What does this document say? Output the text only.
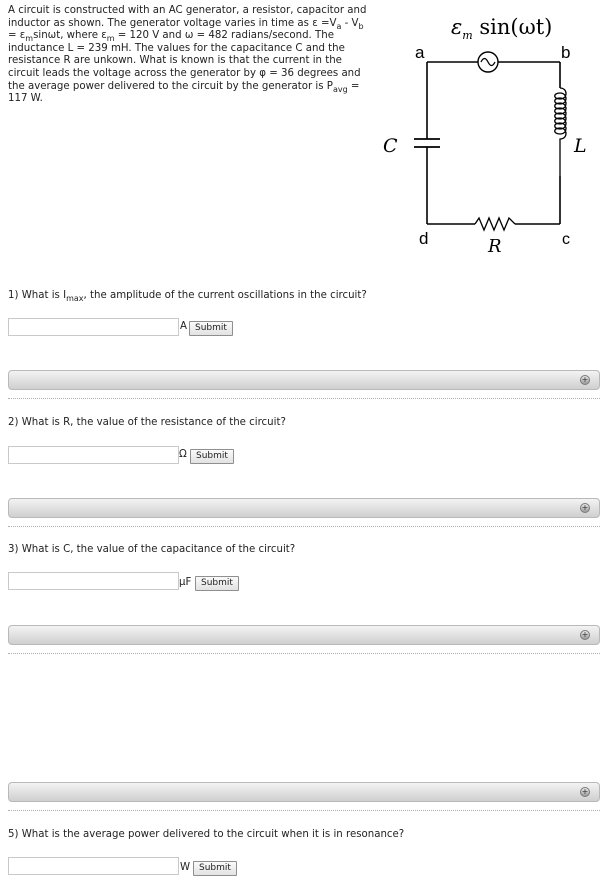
A circuit is constructed with an AC generator, a resistor, capacitor and inductor as shown. The generator voltage varies in time as $\varepsilon =V_a - V_b = \varepsilon_m\sin\omega t$, where $\varepsilon_m = 120$ V and ω = 482 radians/second. The inductance L = 239 mH. The values for the capacitance C and the resistance R are unkown. What is known is that the current in the circuit leads the voltage across the generator by φ = 36 degrees and the average power delivered to the circuit by the generator is $P_{avg} = 117$ W.
$\varepsilon_m$ sin(ωt)
a	b
c
d
C	L
R
1) What is $I_{max}$, the amplitude of the current oscillations in the circuit?
A Submit
+
2) What is R, the value of the resistance of the circuit?
Ω	Submit
+
3) What is C, the value of the capacitance of the circuit?
μF	Submit
+
+
5) What is the average power delivered to the circuit when it is in resonance?
W Submit
